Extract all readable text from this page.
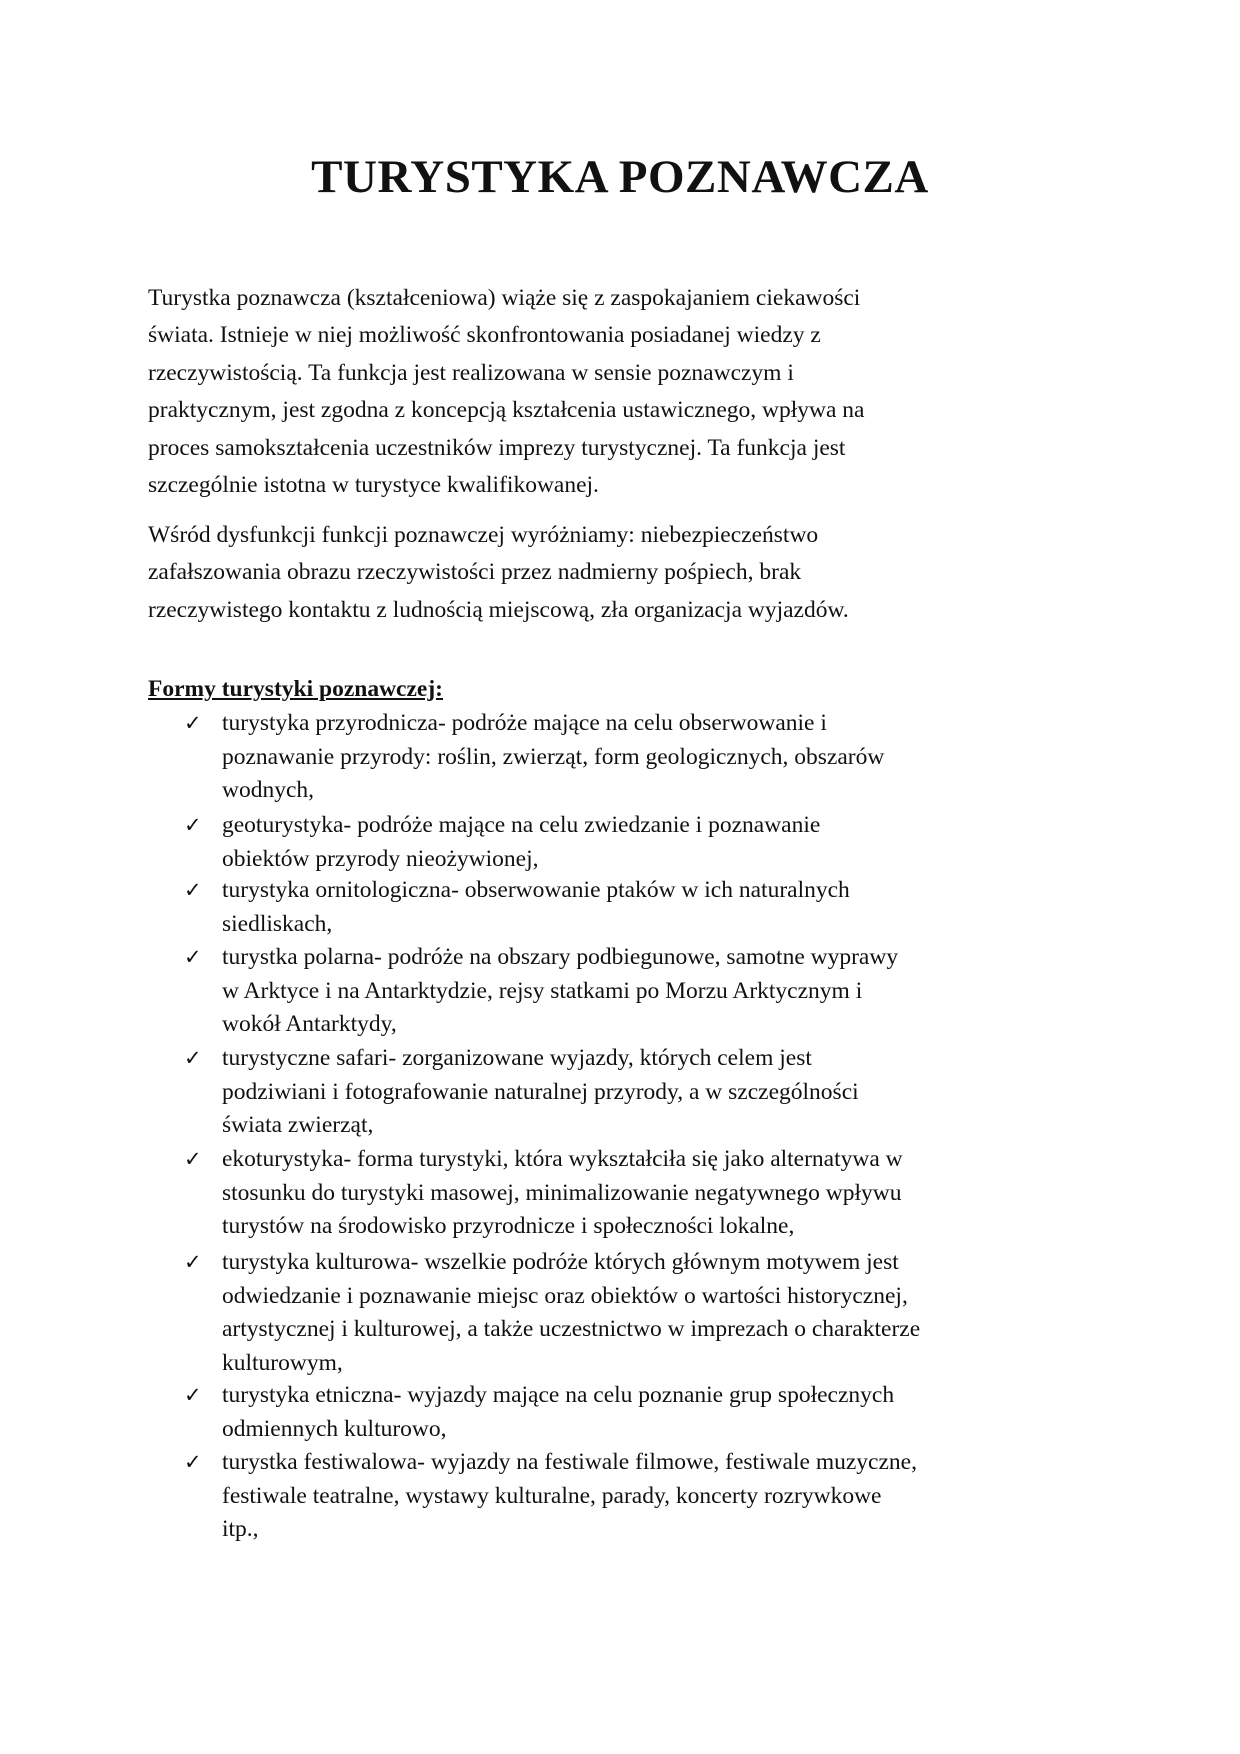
TURYSTYKA POZNAWCZA
Turystka poznawcza (kształceniowa) wiąże się z zaspokajaniem ciekawości
świata. Istnieje w niej możliwość skonfrontowania posiadanej wiedzy z
rzeczywistością. Ta funkcja jest realizowana w sensie poznawczym i
praktycznym, jest zgodna z koncepcją kształcenia ustawicznego, wpływa na
proces samokształcenia uczestników imprezy turystycznej. Ta funkcja jest
szczególnie istotna w turystyce kwalifikowanej.
Wśród dysfunkcji funkcji poznawczej wyróżniamy: niebezpieczeństwo
zafałszowania obrazu rzeczywistości przez nadmierny pośpiech, brak
rzeczywistego kontaktu z ludnością miejscową, zła organizacja wyjazdów.
Formy turystyki poznawczej:
✓ turystyka przyrodnicza- podróże mające na celu obserwowanie i
poznawanie przyrody: roślin, zwierząt, form geologicznych, obszarów
wodnych,
✓ geoturystyka- podróże mające na celu zwiedzanie i poznawanie
obiektów przyrody nieożywionej,
✓ turystyka ornitologiczna- obserwowanie ptaków w ich naturalnych
siedliskach,
✓ turystka polarna- podróże na obszary podbiegunowe, samotne wyprawy
w Arktyce i na Antarktydzie, rejsy statkami po Morzu Arktycznym i
wokół Antarktydy,
✓ turystyczne safari- zorganizowane wyjazdy, których celem jest
podziwiani i fotografowanie naturalnej przyrody, a w szczególności
świata zwierząt,
✓ ekoturystyka- forma turystyki, która wykształciła się jako alternatywa w
stosunku do turystyki masowej, minimalizowanie negatywnego wpływu
turystów na środowisko przyrodnicze i społeczności lokalne,
✓ turystyka kulturowa- wszelkie podróże których głównym motywem jest
odwiedzanie i poznawanie miejsc oraz obiektów o wartości historycznej,
artystycznej i kulturowej, a także uczestnictwo w imprezach o charakterze
kulturowym,
✓ turystyka etniczna- wyjazdy mające na celu poznanie grup społecznych
odmiennych kulturowo,
✓ turystka festiwalowa- wyjazdy na festiwale filmowe, festiwale muzyczne,
festiwale teatralne, wystawy kulturalne, parady, koncerty rozrywkowe
itp.,
